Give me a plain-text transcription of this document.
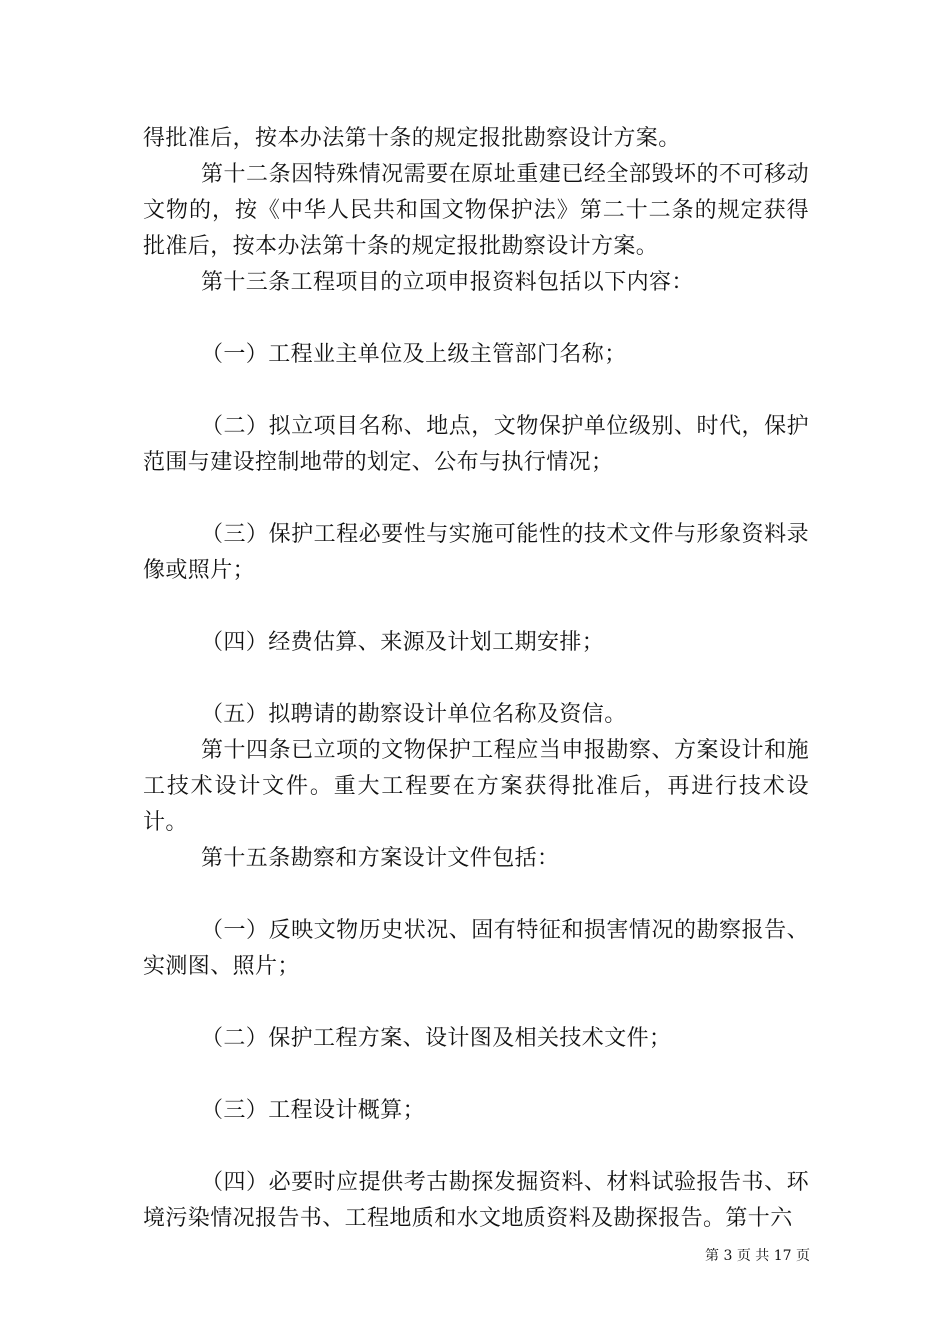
得批准后，按本办法第十条的规定报批勘察设计方案。

第十二条因特殊情况需要在原址重建已经全部毁坏的不可移动文物的，按《中华人民共和国文物保护法》第二十二条的规定获得批准后，按本办法第十条的规定报批勘察设计方案。

第十三条工程项目的立项申报资料包括以下内容：

（一）工程业主单位及上级主管部门名称；

（二）拟立项目名称、地点，文物保护单位级别、时代，保护范围与建设控制地带的划定、公布与执行情况；

（三）保护工程必要性与实施可能性的技术文件与形象资料录像或照片；

（四）经费估算、来源及计划工期安排；

（五）拟聘请的勘察设计单位名称及资信。

第十四条已立项的文物保护工程应当申报勘察、方案设计和施工技术设计文件。重大工程要在方案获得批准后，再进行技术设计。

第十五条勘察和方案设计文件包括：

（一）反映文物历史状况、固有特征和损害情况的勘察报告、实测图、照片；

（二）保护工程方案、设计图及相关技术文件；

（三）工程设计概算；

（四）必要时应提供考古勘探发掘资料、材料试验报告书、环境污染情况报告书、工程地质和水文地质资料及勘探报告。第十六

第 3 页 共 17 页
